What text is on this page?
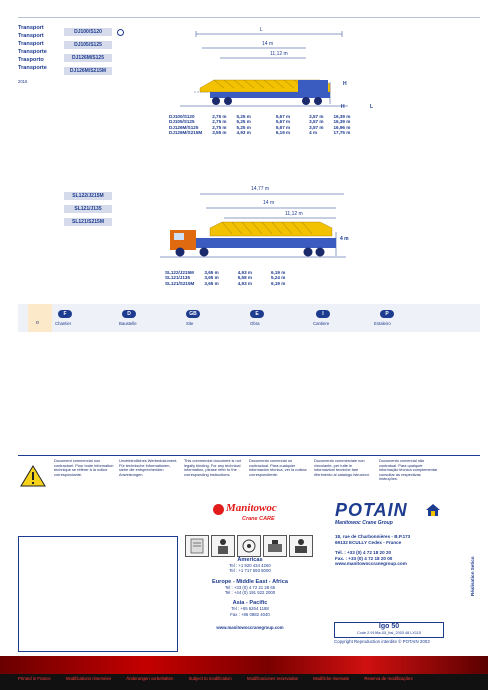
Transport
Transport
Transport
Transporte
Trasporto
Transporte
2016
DJ100/S120
DJ105/S125
DJ126M/S125
DJ126M/S215M
L
14 m
11,12 m
H
H	L
DJ100/S120	2,75 m	5,25 m	5,67 m	3,57 m	16,39 m
DJ105/S125	2,75 m	5,25 m	5,67 m	3,57 m	16,39 m
DJ126M/S125	2,75 m	5,25 m	5,67 m	3,57 m	16,96 m
DJ126M/S215M	3,55 m	4,93 m	6,19 m	4 m	17,75 m
SL122/J215M
SL121/J135
SL121/S215M
14,77 m
14 m
11,12 m
4 m
SL122/J215M	3,65 m	4,93 m	6,19 m
SL121/J135	3,65 m	5,58 m	5,24 m
SL121/S215M	3,65 m	4,93 m	6,19 m
o
F	D	GB	E	I	P
Chantier	Baustelle	Site	Obra	Cantiere	Estaleiro
Document commercial non contractuel. Pour toute information technique se référer à la notice correspondante.
Unverbindliches Werbedokument. Für technische Informationen, siehe die entsprechenden Anweisungen.
This commercial document is not legally binding. For any technical information, please refer to the corresponding instructions.
Documento comercial no contractual. Para cualquier información técnica, ver la noticia correspondiente.
Documento commerciale non vincolante, per tutte le informazioni tecniche fare riferimento al catalogo istruzioni.
Documento comercial não contratual. Para qualquer informação técnica complementar consultar as respectivas instruções.
Manitowoc
Crane CARE	POTAIN
Manitowoc Crane Group
Americas
Tel : +1 920 434 4260
Tel : +1 717 593 5000
Europe - Middle East - Africa
Tel : +33 (0) 4 72 21 28 65
Tel : +44 (0) 191 522 2000
Asia - Pacific
Tel : +65 6264 1188
Fax : +86 0882 4040
www.manitowoccranegroup.com
18, rue de Charbonnières - B.P.173
69132 ECULLY Cedex - France
Tél. : +33 (0) 4 72 18 20 20
Fax. : +33 (0) 4 72 18 20 00
www.manitowoccranegroup.com
Igo 50
Code 2.9196s-05_Ital_2003 48 LX115
Copyright Reproduction interdite © POTAIN 2003
Réalisation Setico
Printed in France	Modifications réservées	Änderungen vorbehalten	Subject to modification	Modificaciones reservadas	Modifiche riservate	Reserva de modificações
